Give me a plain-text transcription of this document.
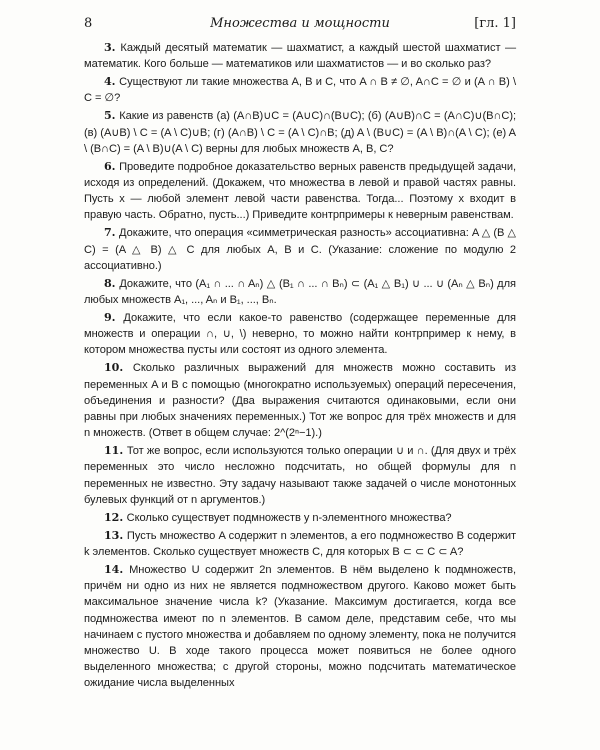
8	Множества и мощности	[гл. 1]

3. Каждый десятый математик — шахматист, а каждый шестой шахматист — математик. Кого больше — математиков или шахматистов — и во сколько раз?

4. Существуют ли такие множества A, B и C, что A ∩ B ≠ ∅, A∩C = ∅ и (A ∩ B) \ C = ∅?

5. Какие из равенств (а) (A∩B)∪C = (A∪C)∩(B∪C); (б) (A∪B)∩C = (A∩C)∪(B∩C); (в) (A∪B) \ C = (A \ C)∪B; (г) (A∩B) \ C = (A \ C)∩B; (д) A \ (B∪C) = (A \ B)∩(A \ C); (е) A \ (B∩C) = (A \ B)∪(A \ C) верны для любых множеств A, B, C?

6. Проведите подробное доказательство верных равенств предыдущей задачи, исходя из определений. (Докажем, что множества в левой и правой частях равны. Пусть x — любой элемент левой части равенства. Тогда... Поэтому x входит в правую часть. Обратно, пусть...) Приведите контрпримеры к неверным равенствам.

7. Докажите, что операция «симметрическая разность» ассоциативна: A △ (B △ C) = (A △ B) △ C для любых A, B и C. (Указание: сложение по модулю 2 ассоциативно.)

8. Докажите, что (A₁ ∩ ... ∩ Aₙ) △ (B₁ ∩ ... ∩ Bₙ) ⊂ (A₁ △ B₁) ∪ ... ∪ (Aₙ △ Bₙ) для любых множеств A₁, ..., Aₙ и B₁, ..., Bₙ.

9. Докажите, что если какое-то равенство (содержащее переменные для множеств и операции ∩, ∪, \) неверно, то можно найти контрпример к нему, в котором множества пусты или состоят из одного элемента.

10. Сколько различных выражений для множеств можно составить из переменных A и B с помощью (многократно используемых) операций пересечения, объединения и разности? (Два выражения считаются одинаковыми, если они равны при любых значениях переменных.) Тот же вопрос для трёх множеств и для n множеств. (Ответ в общем случае: 2^(2ⁿ−1).)

11. Тот же вопрос, если используются только операции ∪ и ∩. (Для двух и трёх переменных это число несложно подсчитать, но общей формулы для n переменных не известно. Эту задачу называют также задачей о числе монотонных булевых функций от n аргументов.)

12. Сколько существует подмножеств у n-элементного множества?

13. Пусть множество A содержит n элементов, а его подмножество B содержит k элементов. Сколько существует множеств C, для которых B ⊂ ⊂ C ⊂ A?

14. Множество U содержит 2n элементов. В нём выделено k подмножеств, причём ни одно из них не является подмножеством другого. Каково может быть максимальное значение числа k? (Указание. Максимум достигается, когда все подмножества имеют по n элементов. В самом деле, представим себе, что мы начинаем с пустого множества и добавляем по одному элементу, пока не получится множество U. В ходе такого процесса может появиться не более одного выделенного множества; с другой стороны, можно подсчитать математическое ожидание числа выделенных
